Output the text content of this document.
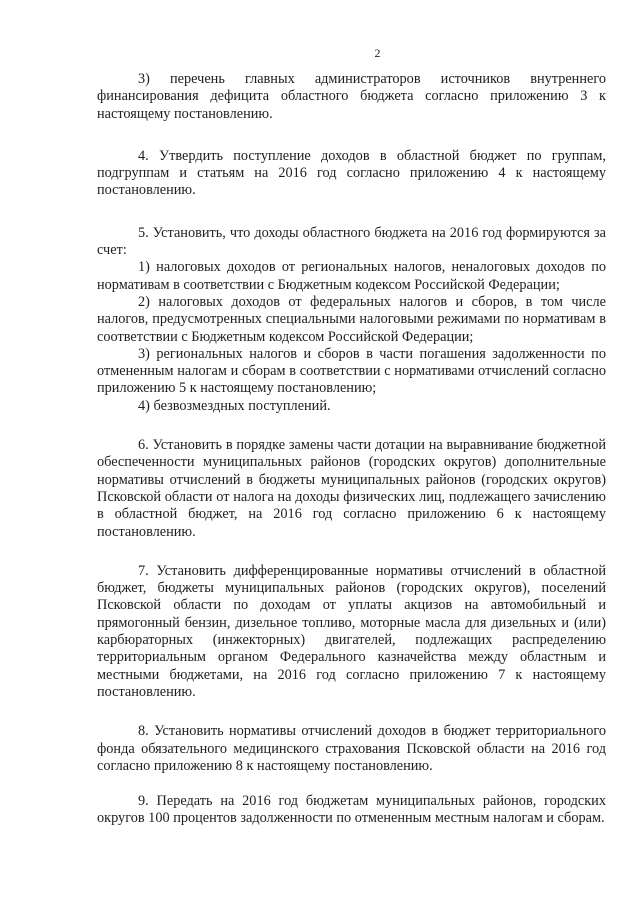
2

3) перечень главных администраторов источников внутреннего финансирования дефицита областного бюджета согласно приложению 3 к настоящему постановлению.

4. Утвердить поступление доходов в областной бюджет по группам, подгруппам и статьям на 2016 год согласно приложению 4 к настоящему постановлению.

5. Установить, что доходы областного бюджета на 2016 год формируются за счет:

1) налоговых доходов от региональных налогов, неналоговых доходов по нормативам в соответствии с Бюджетным кодексом Российской Федерации;

2) налоговых доходов от федеральных налогов и сборов, в том числе налогов, предусмотренных специальными налоговыми режимами по нормативам в соответствии с Бюджетным кодексом Российской Федерации;

3) региональных налогов и сборов в части погашения задолженности по отмененным налогам и сборам в соответствии с нормативами отчислений согласно приложению 5 к настоящему постановлению;

4) безвозмездных поступлений.

6. Установить в порядке замены части дотации на выравнивание бюджетной обеспеченности муниципальных районов (городских округов) дополнительные нормативы отчислений в бюджеты муниципальных районов (городских округов) Псковской области от налога на доходы физических лиц, подлежащего зачислению в областной бюджет, на 2016 год согласно приложению 6 к настоящему постановлению.

7. Установить дифференцированные нормативы отчислений в областной бюджет, бюджеты муниципальных районов (городских округов), поселений Псковской области по доходам от уплаты акцизов на автомобильный и прямогонный бензин, дизельное топливо, моторные масла для дизельных и (или) карбюраторных (инжекторных) двигателей, подлежащих распределению территориальным органом Федерального казначейства между областным и местными бюджетами, на 2016 год согласно приложению 7 к настоящему постановлению.

8. Установить нормативы отчислений доходов в бюджет территориального фонда обязательного медицинского страхования Псковской области на 2016 год согласно приложению 8 к настоящему постановлению.

9. Передать на 2016 год бюджетам муниципальных районов, городских округов 100 процентов задолженности по отмененным местным налогам и сборам.
